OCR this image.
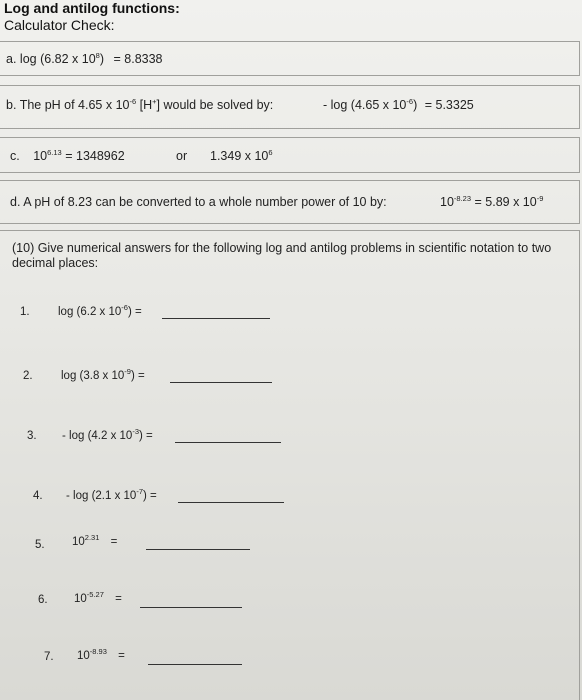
Log and antilog functions:
Calculator Check:
a. log (6.82 x $10^8) = 8.8338$
b. The pH of 4.65 x $10^{-6}$ [H+] would be solved by:	- log (4.65 x $10^{-6}) = 5.3325$
c. $10^{6.13} = 1348962$	or 1.349 x $10^6$
d. A pH of 8.23 can be converted to a whole number power of 10 by:	$10^{-8.23} = 5.89$ x $10^{-9}$
(10) Give numerical answers for the following log and antilog problems in scientific notation to two decimal places:
1. log (6.2 x $10^{-6}$) =
2. log (3.8 x $10^{-9}$) =
3. - log (4.2 x $10^{-3}$) =
4. - log (2.1 x $10^{-7}$) =
5. $10^{2.31}$ =
6. $10^{-5.27}$ =
7. $10^{-8.93}$ =
